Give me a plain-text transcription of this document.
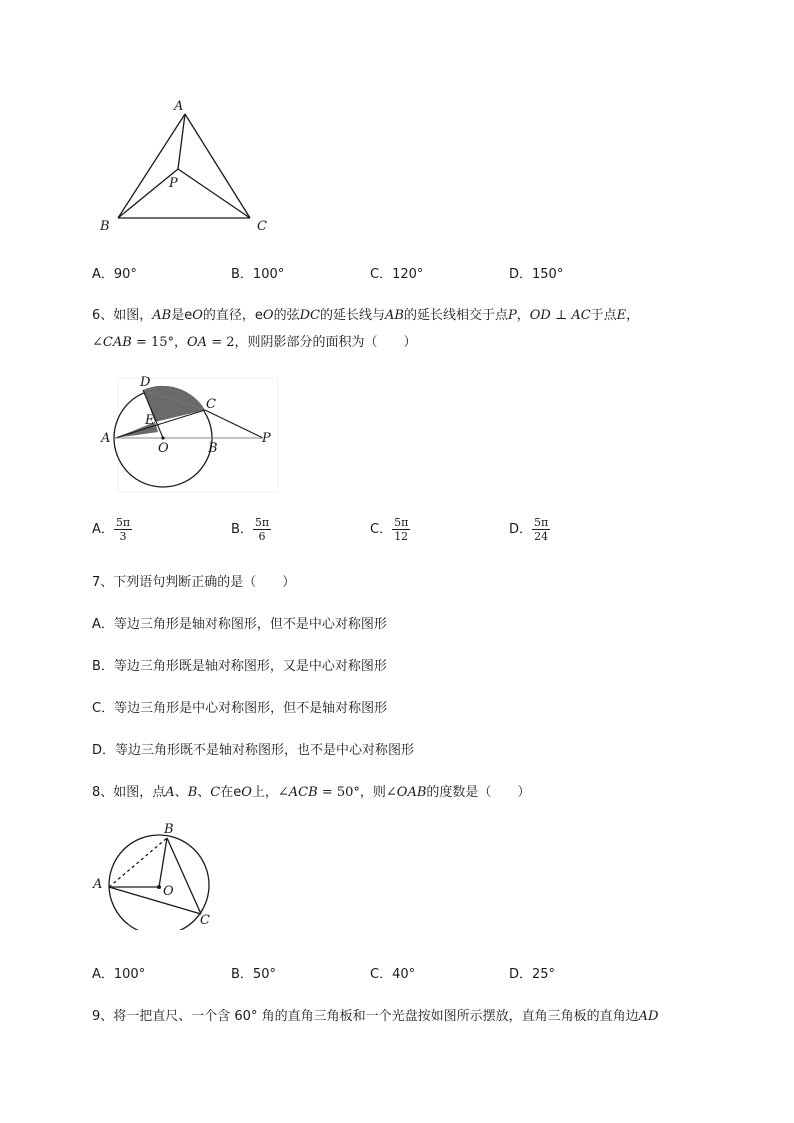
A
P
B	C
A．90°	B．100°	C．120°	D．150°
6、如图，AB是eO的直径，eO的弦DC的延长线与AB的延长线相交于点P，OD ⊥ AC于点E，
∠CAB = 15°，OA = 2，则阴影部分的面积为（　　）
D
C
E
A
O	B
P
A． $\frac{5\pi}{3}$	B． $\frac{5\pi}{6}$	C． $\frac{5\pi}{12}$	D． $\frac{5\pi}{24}$
7、下列语句判断正确的是（　　）
A．等边三角形是轴对称图形，但不是中心对称图形
B．等边三角形既是轴对称图形，又是中心对称图形
C．等边三角形是中心对称图形，但不是轴对称图形
D．等边三角形既不是轴对称图形，也不是中心对称图形
8、如图，点A、B、C在eO上，∠ACB = 50°，则∠OAB的度数是（　　）
B
A	O
C
A．100°	B．50°	C．40°	D．25°
9、将一把直尺、一个含 60° 角的直角三角板和一个光盘按如图所示摆放，直角三角板的直角边AD
